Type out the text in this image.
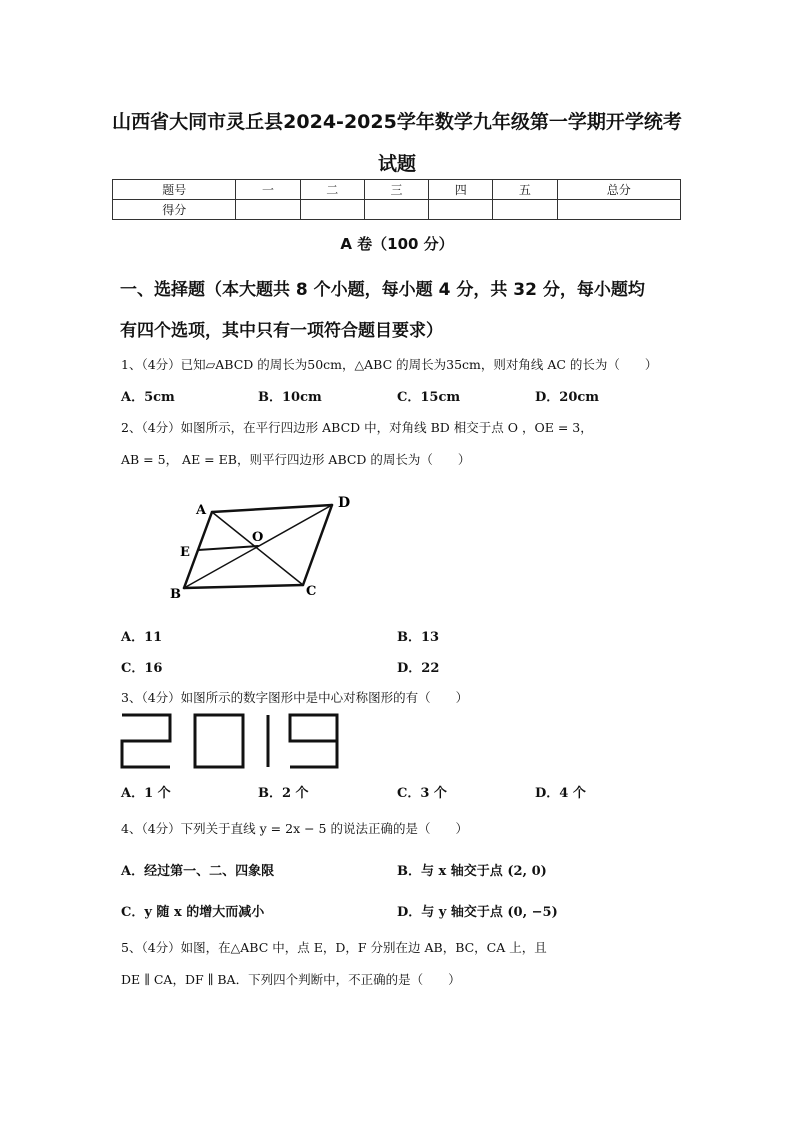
山西省大同市灵丘县2024-2025学年数学九年级第一学期开学统考
试题
题号	一	二	三	四	五	总分
得分						
A 卷（100 分）
一、选择题（本大题共 8 个小题，每小题 4 分，共 32 分，每小题均
有四个选项，其中只有一项符合题目要求）
1、（4分）已知▱ABCD 的周长为50cm，△ABC 的周长为35cm，则对角线 AC 的长为（　　）
A．5cm	B．10cm	C．15cm	D．20cm
2、（4分）如图所示，在平行四边形 ABCD 中，对角线 BD 相交于点 O ，OE = 3，
AB = 5， AE = EB，则平行四边形 ABCD 的周长为（　　）
A	D
E
O
B	C
A．11	B．13
C．16	D．22
3、（4分）如图所示的数字图形中是中心对称图形的有（　　）
2019
A．1 个	B．2 个	C．3 个	D．4 个
4、（4分）下列关于直线 y = 2x − 5 的说法正确的是（　　）
A．经过第一、二、四象限	B．与 x 轴交于点 (2, 0)
C．y 随 x 的增大而减小	D．与 y 轴交于点 (0, −5)
5、（4分）如图，在△ABC 中，点 E，D，F 分别在边 AB，BC，CA 上，且
DE ∥ CA，DF ∥ BA．下列四个判断中，不正确的是（　　）
